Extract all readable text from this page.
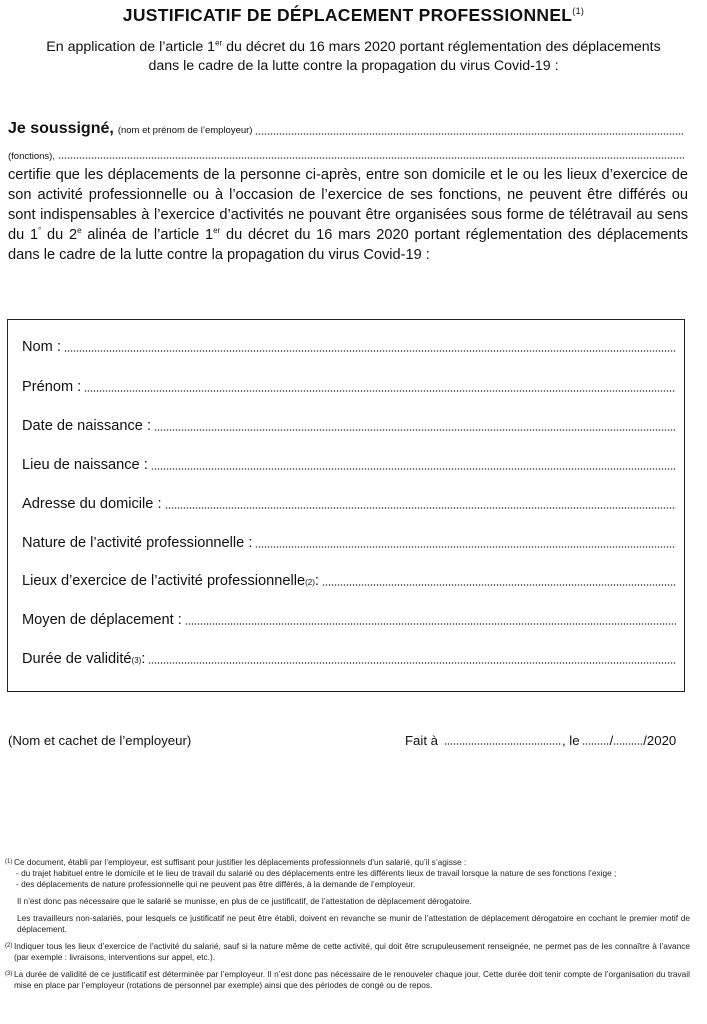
JUSTIFICATIF DE DÉPLACEMENT PROFESSIONNEL$^{(1)}$
En application de l’article 1er du décret du 16 mars 2020 portant réglementation des déplacements dans le cadre de la lutte contre la propagation du virus Covid-19 :
Je soussigné, (nom et prénom de l’employeur)
(fonctions),
certifie que les déplacements de la personne ci-après, entre son domicile et le ou les lieux d’exercice de son activité professionnelle ou à l’occasion de l’exercice de ses fonctions, ne peuvent être différés ou sont indispensables à l’exercice d’activités ne pouvant être organisées sous forme de télétravail au sens du 1° du 2e alinéa de l’article 1er du décret du 16 mars 2020 portant réglementation des déplacements dans le cadre de la lutte contre la propagation du virus Covid-19 :
Nom :
Prénom :
Date de naissance :
Lieu de naissance :
Adresse du domicile :
Nature de l’activité professionnelle :
Lieux d’exercice de l’activité professionnelle (2) :
Moyen de déplacement :
Durée de validité (3) :
(Nom et cachet de l’employeur)	Fait à	, le / /2020
(1) Ce document, établi par l’employeur, est suffisant pour justifier les déplacements professionnels d’un salarié, qu’il s’agisse :
- du trajet habituel entre le domicile et le lieu de travail du salarié ou des déplacements entre les différents lieux de travail lorsque la nature de ses fonctions l’exige ;
- des déplacements de nature professionnelle qui ne peuvent pas être différés, à la demande de l’employeur.
Il n’est donc pas nécessaire que le salarié se munisse, en plus de ce justificatif, de l’attestation de déplacement dérogatoire.
Les travailleurs non-salariés, pour lesquels ce justificatif ne peut être établi, doivent en revanche se munir de l’attestation de déplacement dérogatoire en cochant le premier motif de déplacement.
(2) Indiquer tous les lieux d’exercice de l’activité du salarié, sauf si la nature même de cette activité, qui doit être scrupuleusement renseignée, ne permet pas de les connaître à l’avance (par exemple : livraisons, interventions sur appel, etc.).
(3) La durée de validité de ce justificatif est déterminée par l’employeur. Il n’est donc pas nécessaire de le renouveler chaque jour. Cette durée doit tenir compte de l’organisation du travail mise en place par l’employeur (rotations de personnel par exemple) ainsi que des périodes de congé ou de repos.
